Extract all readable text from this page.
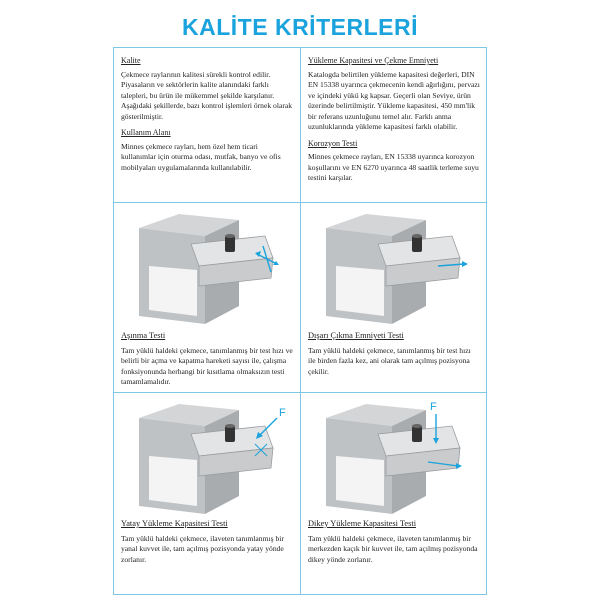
KALİTE KRİTERLERİ
Kalite
Çekmece raylarının kalitesi sürekli kontrol edilir. Piyasaların ve sektörlerin kalite alanındaki farklı talepleri, bu ürün ile mükemmel şekilde karşılanır. Aşağıdaki şekillerde, bazı kontrol işlemleri örnek olarak gösterilmiştir.
Kullanım Alanı
Minnes çekmece rayları, hem özel hem ticari kullanımlar için oturma odası, mutfak, banyo ve ofis mobilyaları uygulamalarında kullanılabilir.
Yükleme Kapasitesi ve Çekme Emniyeti
Katalogda belirtilen yükleme kapasitesi değerleri, DIN EN 15338 uyarınca çekmecenin kendi ağırlığını, pervazı ve içindeki yükü kg kapsar. Geçerli olan Seviye, ürün üzerinde belirtilmiştir. Yükleme kapasitesi, 450 mm'lik bir referans uzunluğunu temel alır. Farklı anma uzunluklarında yükleme kapasitesi farklı olabilir.
Korozyon Testi
Minnes çekmece rayları, EN 15338 uyarınca korozyon koşullarını ve EN 6270 uyarınca 48 saatlik terleme suyu testini karşılar.
Aşınma Testi
Tam yüklü haldeki çekmece, tanımlanmış bir test hızı ve belirli bir açma ve kapatma hareketi sayısı ile, çalışma fonksiyonunda herhangi bir kısıtlama olmaksızın testi tamamlamalıdır.
Dışarı Çıkma Emniyeti Testi
Tam yüklü haldeki çekmece, tanımlanmış bir test hızı ile birden fazla kez, ani olarak tam açılmış pozisyona çekilir.
F
Yatay Yükleme Kapasitesi Testi
Tam yüklü haldeki çekmece, ilaveten tanımlanmış bir yanal kuvvet ile, tam açılmış pozisyonda yatay yönde zorlanır.
F
Dikey Yükleme Kapasitesi Testi
Tam yüklü haldeki çekmece, ilaveten tanımlanmış bir merkezden kaçık bir kuvvet ile, tam açılmış pozisyonda dikey yönde zorlanır.
